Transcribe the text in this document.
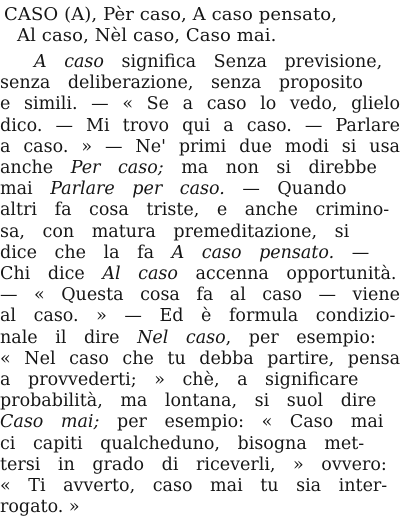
CASO (A), Pèr caso, A caso pensato,
Al caso, Nèl caso, Caso mai.
A caso significa Senza previsione,
senza deliberazione, senza proposito
e simili. — « Se a caso lo vedo, glielo
dico. — Mi trovo qui a caso. — Parlare
a caso. » — Ne' primi due modi si usa
anche Per caso; ma non si direbbe
mai Parlare per caso. — Quando
altri fa cosa triste, e anche crimino-
sa, con matura premeditazione, si
dice che la fa A caso pensato. —
Chi dice Al caso accenna opportunità.
— « Questa cosa fa al caso — viene
al caso. » — Ed è formula condizio-
nale il dire Nel caso, per esempio:
« Nel caso che tu debba partire, pensa
a provvederti; » chè, a significare
probabilità, ma lontana, si suol dire
Caso mai; per esempio: « Caso mai
ci capiti qualcheduno, bisogna met-
tersi in grado di riceverli, » ovvero:
« Ti avverto, caso mai tu sia inter-
rogato. »
